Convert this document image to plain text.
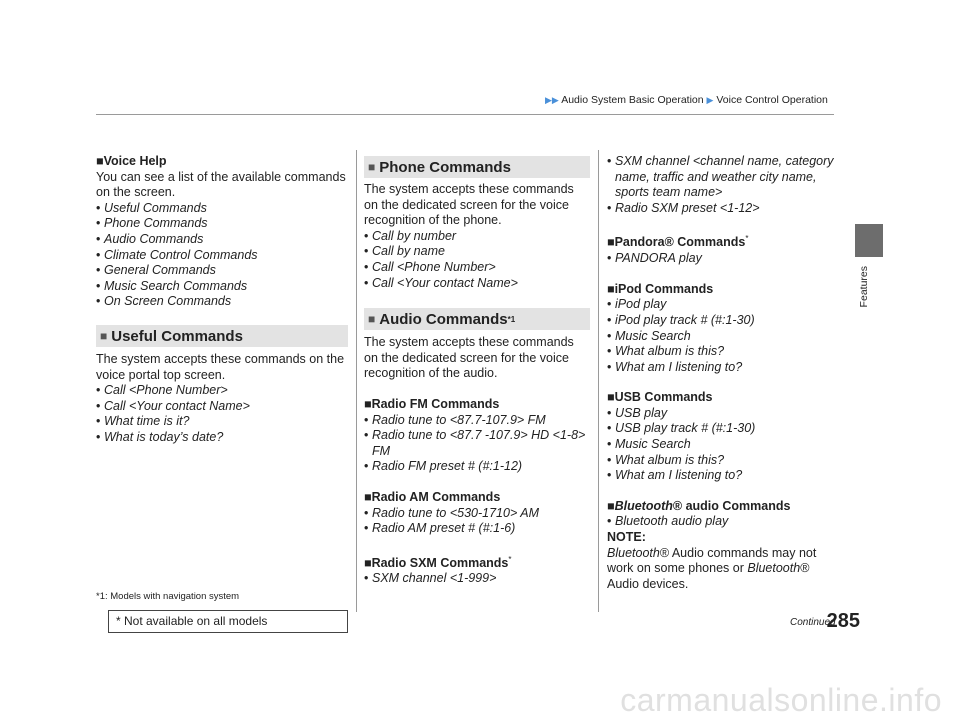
▶▶ Audio System Basic Operation ▶ Voice Control Operation
Features

■Voice Help

You can see a list of the available commands on the screen.

• Useful Commands

• Phone Commands

• Audio Commands

• Climate Control Commands

• General Commands

• Music Search Commands

• On Screen Commands

■ Useful Commands

The system accepts these commands on the voice portal top screen.

• Call <Phone Number>

• Call <Your contact Name>

• What time is it?

• What is today’s date?

*1: Models with navigation system
■ Phone Commands

The system accepts these commands on the dedicated screen for the voice recognition of the phone.

• Call by number

• Call by name

• Call <Phone Number>

• Call <Your contact Name>

■ Audio Commands *1

The system accepts these commands on the dedicated screen for the voice recognition of the audio.

■Radio FM Commands

• Radio tune to <87.7-107.9> FM

• Radio tune to <87.7 -107.9> HD <1-8> FM

• Radio FM preset # (#:1-12)

■Radio AM Commands

• Radio tune to <530-1710> AM

• Radio AM preset # (#:1-6)

■Radio SXM Commands*

• SXM channel <1-999>

• SXM channel <channel name, category name, traffic and weather city name, sports team name>

• Radio SXM preset <1-12>

■Pandora® Commands*

• PANDORA play

■iPod Commands

• iPod play

• iPod play track # (#:1-30)

• Music Search

• What album is this?

• What am I listening to?

■USB Commands

• USB play

• USB play track # (#:1-30)

• Music Search

• What album is this?

• What am I listening to?

■Bluetooth® audio Commands

• Bluetooth audio play

NOTE:

Bluetooth® Audio commands may not work on some phones or Bluetooth® Audio devices.

Continued
285
* Not available on all models
carmanualsonline.info
